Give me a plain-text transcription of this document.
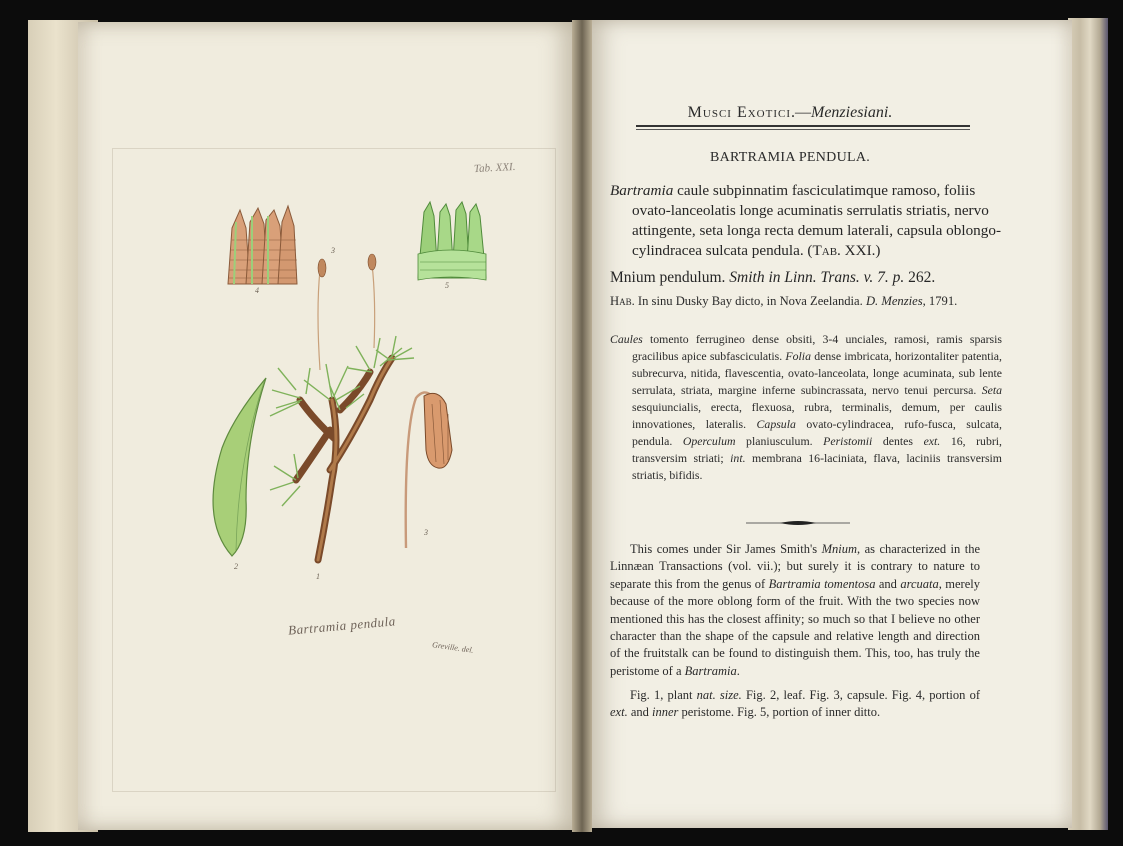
Tab. XXI.
4
5
3
2
1
3
Bartramia pendula
Greville. del.
Musci Exotici.—Menziesiani.
BARTRAMIA PENDULA.
Bartramia caule subpinnatim fasciculatimque ramoso, foliis ovato-lanceolatis longe acuminatis serrulatis striatis, nervo attingente, seta longa recta demum laterali, capsula oblongo-cylindracea sulcata pendula. (Tab. XXI.)
Mnium pendulum. Smith in Linn. Trans. v. 7. p. 262.
Hab. In sinu Dusky Bay dicto, in Nova Zeelandia. D. Menzies, 1791.
Caules tomento ferrugineo dense obsiti, 3-4 unciales, ramosi, ramis sparsis gracilibus apice subfasciculatis. Folia dense imbricata, horizontaliter patentia, subrecurva, nitida, flavescentia, ovato-lanceolata, longe acuminata, sub lente serrulata, striata, margine inferne subincrassata, nervo tenui percursa. Seta sesquiuncialis, erecta, flexuosa, rubra, terminalis, demum, per caulis innovationes, lateralis. Capsula ovato-cylindracea, rufo-fusca, sulcata, pendula. Operculum planiusculum. Peristomii dentes ext. 16, rubri, transversim striati; int. membrana 16-laciniata, flava, laciniis transversim striatis, bifidis.
This comes under Sir James Smith's Mnium, as characterized in the Linnæan Transactions (vol. vii.); but surely it is contrary to nature to separate this from the genus of Bartramia tomentosa and arcuata, merely because of the more oblong form of the fruit. With the two species now mentioned this has the closest affinity; so much so that I believe no other character than the shape of the capsule and relative length and direction of the fruitstalk can be found to distinguish them. This, too, has truly the peristome of a Bartramia.
Fig. 1, plant nat. size. Fig. 2, leaf. Fig. 3, capsule. Fig. 4, portion of ext. and inner peristome. Fig. 5, portion of inner ditto.
